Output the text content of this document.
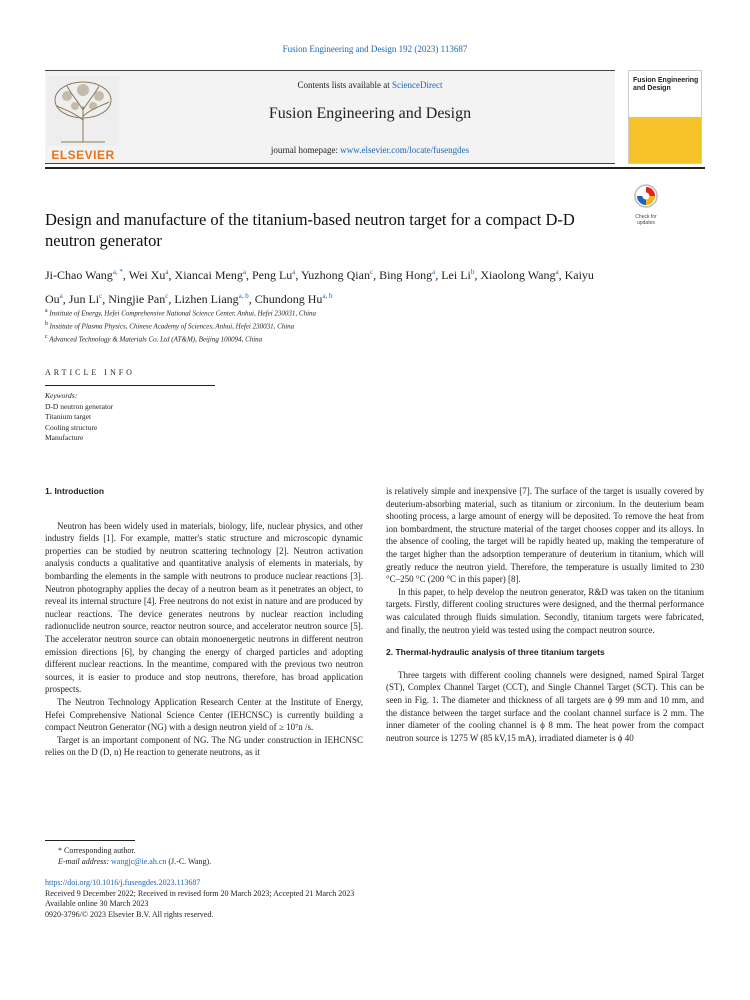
Fusion Engineering and Design 192 (2023) 113687
ELSEVIER
Contents lists available at ScienceDirect
Fusion Engineering and Design
journal homepage: www.elsevier.com/locate/fusengdes
Fusion Engineering
and Design
Check for updates
Design and manufacture of the titanium-based neutron target for a compact D-D neutron generator
Ji-Chao Wang$^{a, *}$, Wei Xu$^a$, Xiancai Meng$^a$, Peng Lu$^a$, Yuzhong Qian$^c$, Bing Hong$^a$, Lei Li$^b$, Xiaolong Wang$^a$, Kaiyu Ou$^a$, Jun Li$^c$, Ningjie Pan$^c$, Lizhen Liang$^{a, b}$, Chundong Hu$^{a, b}$
$^a$ Institute of Energy, Hefei Comprehensive National Science Center, Anhui, Hefei 230031, China
$^b$ Institute of Plasma Physics, Chinese Academy of Sciences, Anhui, Hefei 230031, China
$^c$ Advanced Technology & Materials Co. Ltd (AT&M), Beijing 100094, China
ARTICLE INFO
Keywords:
D-D neutron generator
Titanium target
Cooling structure
Manufacture

1. Introduction

Neutron has been widely used in materials, biology, life, nuclear physics, and other industry fields [1]. For example, matter's static structure and microscopic dynamic properties can be studied by neutron scattering technology [2]. Neutron activation analysis conducts a qualitative and quantitative analysis of elements in materials, by bombarding the elements in the sample with neutrons to produce nuclear reactions [3]. Neutron photography applies the decay of a neutron beam as it penetrates an object, to reveal its internal structure [4]. Free neutrons do not exist in nature and are produced by nuclear reactions. The device generates neutrons by nuclear reaction including radionuclide neutron source, reactor neutron source, and accelerator neutron source [5]. The accelerator neutron source can obtain monoenergetic neutrons in different neutron emission directions [6], by changing the energy of charged particles and adopting different nuclear reactions. In the meantime, compared with the previous two neutron sources, it is easier to produce and stop neutrons, therefore, has broad application prospects.

The Neutron Technology Application Research Center at the Institute of Energy, Hefei Comprehensive National Science Center (IEHCNSC) is currently building a compact Neutron Generator (NG) with a design neutron yield of ≥ 10⁷n /s.

Target is an important component of NG. The NG under construction in IEHCNSC relies on the D (D, n) He reaction to generate neutrons, as it

is relatively simple and inexpensive [7]. The surface of the target is usually covered by deuterium-absorbing material, such as titanium or zirconium. In the deuterium beam shooting process, a large amount of energy will be deposited. To remove the heat from ion bombardment, the structure material of the target chooses copper and its alloys. In the absence of cooling, the target will be rapidly heated up, making the temperature of the target higher than the adsorption temperature of deuterium in titanium, which will greatly reduce the neutron yield. Therefore, the temperature is usually limited to 230 °C–250 °C (200 °C in this paper) [8].

In this paper, to help develop the neutron generator, R&D was taken on the titanium targets. Firstly, different cooling structures were designed, and the thermal performance was calculated through fluids simulation. Secondly, titanium targets were fabricated, and finally, the neutron yield was tested using the compact neutron source.

2. Thermal-hydraulic analysis of three titanium targets

Three targets with different cooling channels were designed, named Spiral Target (ST), Complex Channel Target (CCT), and Single Channel Target (SCT). This can be seen in Fig. 1. The diameter and thickness of all targets are ϕ 99 mm and 10 mm, and the distance between the target surface and the coolant channel surface is 2 mm. The inner diameter of the cooling channel is ϕ 8 mm. The heat power from the compact neutron source is 1275 W (85 kV,15 mA), irradiated diameter is ϕ 40

* Corresponding author.
E-mail address: wangjc@ie.ah.cn (J.-C. Wang).
https://doi.org/10.1016/j.fusengdes.2023.113687
Received 9 December 2022; Received in revised form 20 March 2023; Accepted 21 March 2023
Available online 30 March 2023
0920-3796/© 2023 Elsevier B.V. All rights reserved.
